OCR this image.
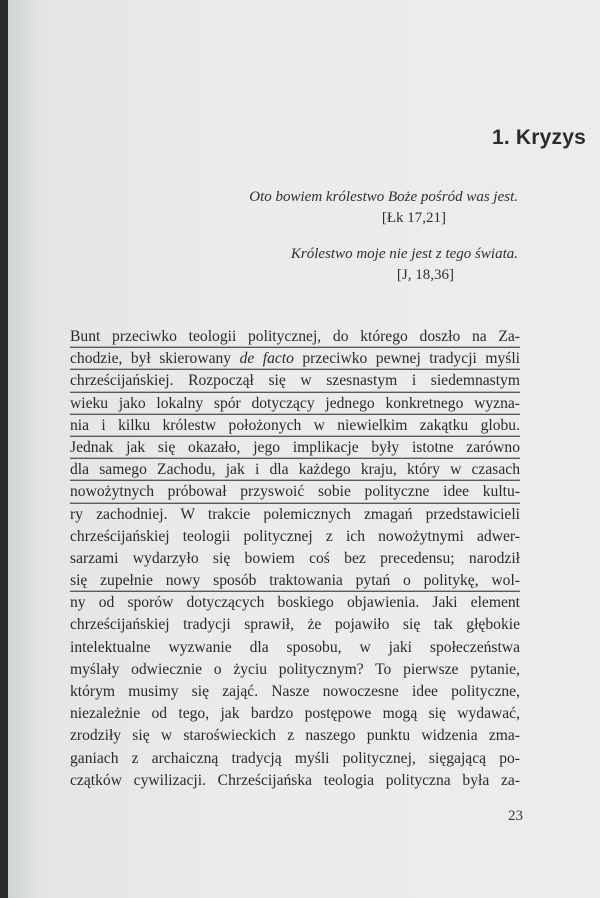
1. Kryzys
Oto bowiem królestwo Boże pośród was jest.
[Łk 17,21]
Królestwo moje nie jest z tego świata.
[J, 18,36]
Bunt przeciwko teologii politycznej, do którego doszło na Za-
chodzie, był skierowany de facto przeciwko pewnej tradycji myśli
chrześcijańskiej. Rozpoczął się w szesnastym i siedemnastym
wieku jako lokalny spór dotyczący jednego konkretnego wyzna-
nia i kilku królestw położonych w niewielkim zakątku globu.
Jednak jak się okazało, jego implikacje były istotne zarówno
dla samego Zachodu, jak i dla każdego kraju, który w czasach
nowożytnych próbował przyswoić sobie polityczne idee kultu-
ry zachodniej. W trakcie polemicznych zmagań przedstawicieli
chrześcijańskiej teologii politycznej z ich nowożytnymi adwer-
sarzami wydarzyło się bowiem coś bez precedensu; narodził
się zupełnie nowy sposób traktowania pytań o politykę, wol-
ny od sporów dotyczących boskiego objawienia. Jaki element
chrześcijańskiej tradycji sprawił, że pojawiło się tak głębokie
intelektualne wyzwanie dla sposobu, w jaki społeczeństwa
myślały odwiecznie o życiu politycznym? To pierwsze pytanie,
którym musimy się zająć. Nasze nowoczesne idee polityczne,
niezależnie od tego, jak bardzo postępowe mogą się wydawać,
zrodziły się w staroświeckich z naszego punktu widzenia zma-
ganiach z archaiczną tradycją myśli politycznej, sięgającą po-
czątków cywilizacji. Chrześcijańska teologia polityczna była za-
23
